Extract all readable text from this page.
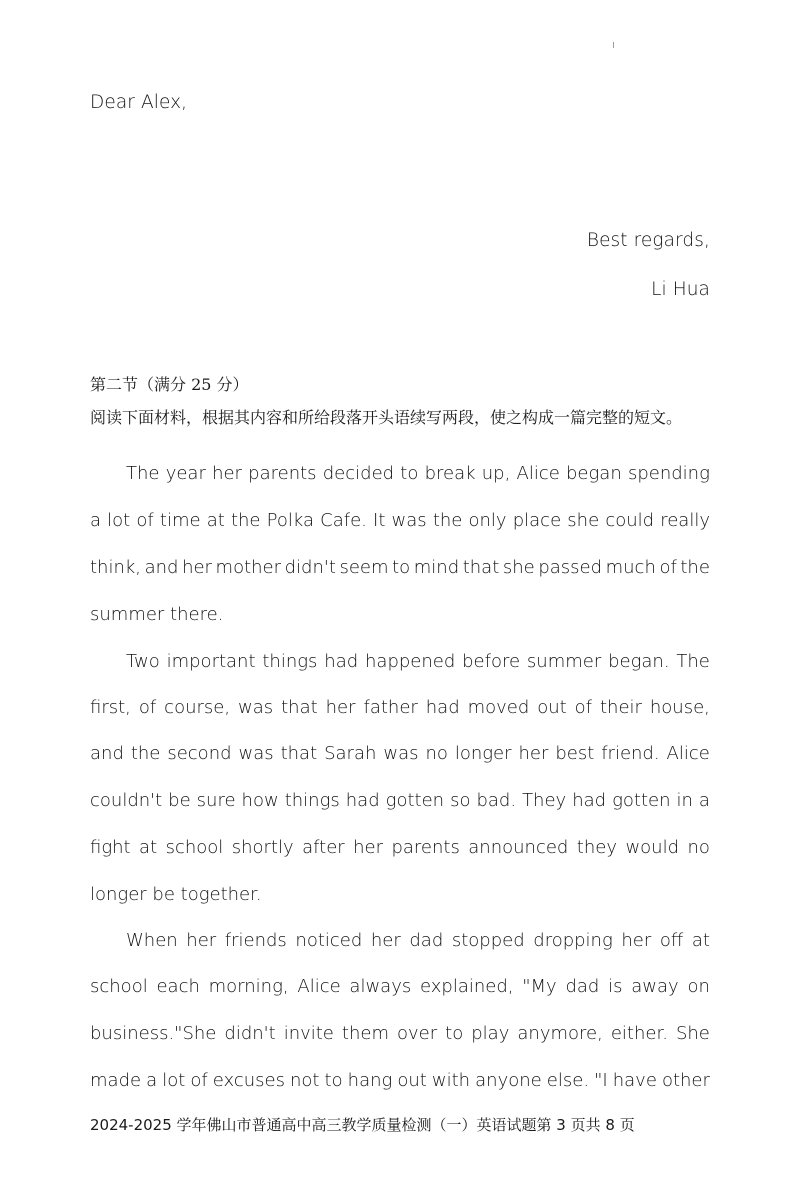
Dear Alex,
Best regards,
Li Hua
第二节（满分 25 分）
阅读下面材料，根据其内容和所给段落开头语续写两段，使之构成一篇完整的短文。
The year her parents decided to break up, Alice began spending
a lot of time at the Polka Cafe. It was the only place she could really
think, and her mother didn't seem to mind that she passed much of the
summer there.
Two important things had happened before summer began. The
first, of course, was that her father had moved out of their house,
and the second was that Sarah was no longer her best friend. Alice
couldn't be sure how things had gotten so bad. They had gotten in a
fight at school shortly after her parents announced they would no
longer be together.
When her friends noticed her dad stopped dropping her off at
school each morning, Alice always explained, "My dad is away on
business."She didn't invite them over to play anymore, either. She
made a lot of excuses not to hang out with anyone else. "I have other
2024-2025 学年佛山市普通高中高三教学质量检测（一）英语试题第 3 页共 8 页
